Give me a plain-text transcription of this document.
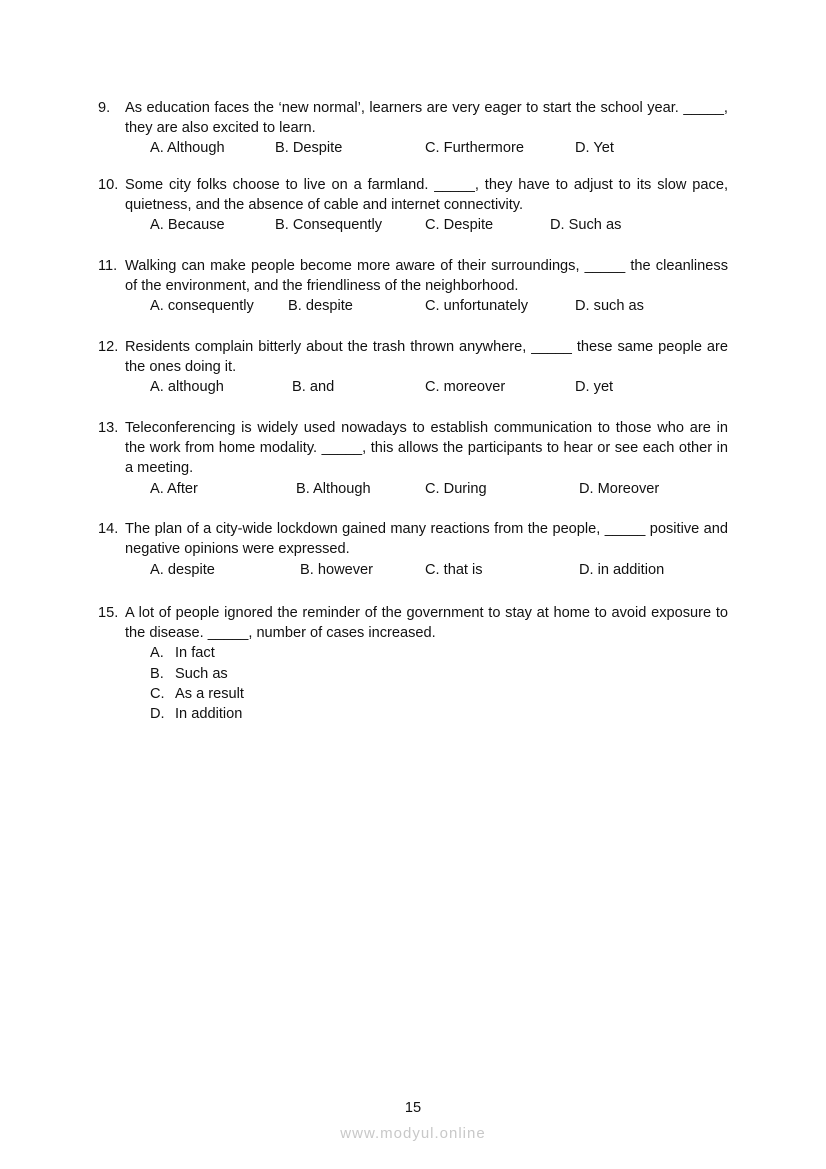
9.	As education faces the ‘new normal’, learners are very eager to start the school year. _____, they are also excited to learn.
A. Although	B. Despite	C. Furthermore	D. Yet
10. Some city folks choose to live on a farmland. _____, they have to adjust to its slow pace, quietness, and the absence of cable and internet connectivity.
A. Because	B. Consequently	C. Despite	D. Such as
11. Walking can make people become more aware of their surroundings, _____ the cleanliness of the environment, and the friendliness of the neighborhood.
A. consequently B. despite	C. unfortunately	D. such as
12. Residents complain bitterly about the trash thrown anywhere, _____ these same people are the ones doing it.
A. although	B. and	C. moreover	D. yet
13. Teleconferencing is widely used nowadays to establish communication to those who are in the work from home modality. _____, this allows the participants to hear or see each other in a meeting.
A. After	B. Although	C. During	D. Moreover
14. The plan of a city-wide lockdown gained many reactions from the people, _____ positive and negative opinions were expressed.
A. despite	B. however	C. that is	D. in addition
15. A lot of people ignored the reminder of the government to stay at home to avoid exposure to the disease. _____, number of cases increased.
A. In fact
B. Such as
C. As a result
D. In addition
15
www.modyul.online
